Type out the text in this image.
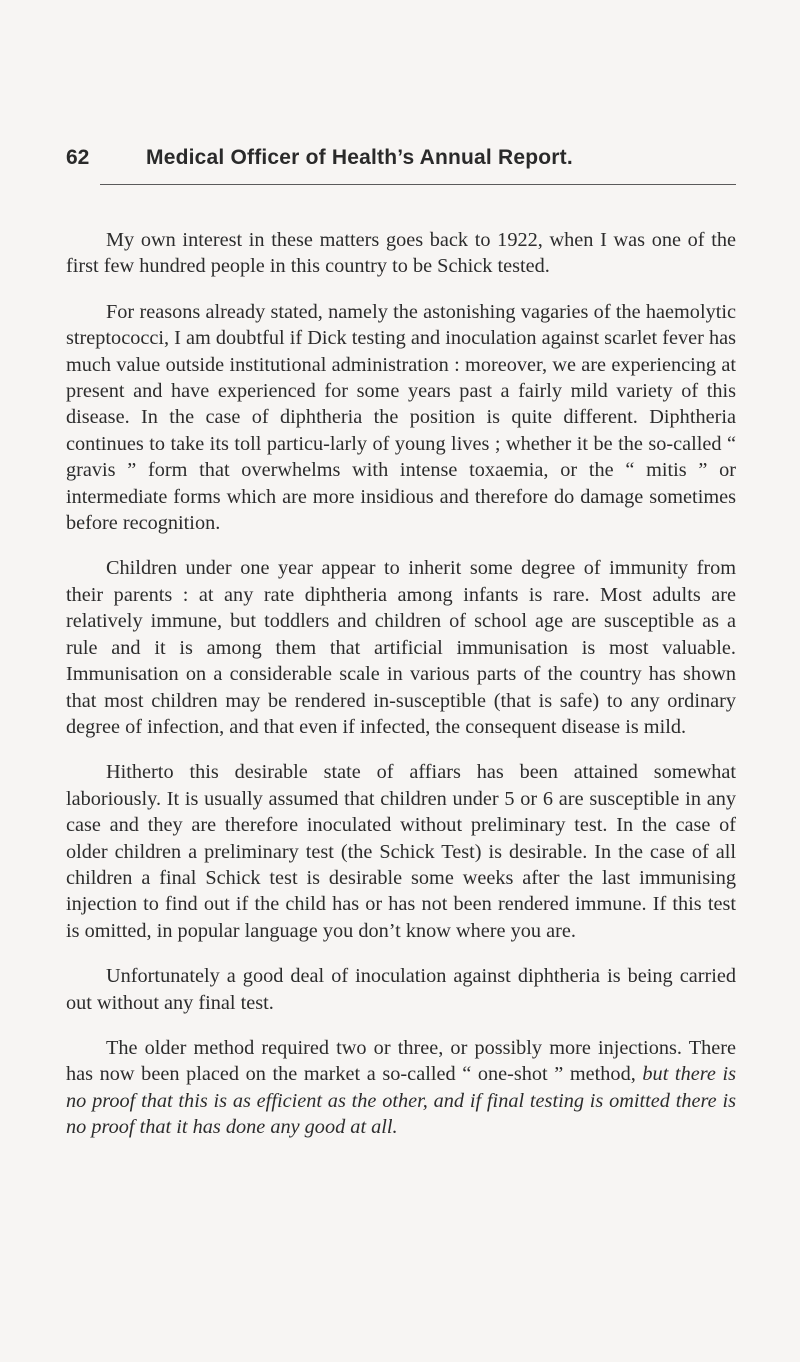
62	Medical Officer of Health’s Annual Report.

My own interest in these matters goes back to 1922, when I was one of the first few hundred people in this country to be Schick tested.

For reasons already stated, namely the astonishing vagaries of the haemolytic streptococci, I am doubtful if Dick testing and inoculation against scarlet fever has much value outside institutional administration : moreover, we are experiencing at present and have experienced for some years past a fairly mild variety of this disease. In the case of diphtheria the position is quite different. Diphtheria continues to take its toll particu-larly of young lives ; whether it be the so-called “ gravis ” form that overwhelms with intense toxaemia, or the “ mitis ” or intermediate forms which are more insidious and therefore do damage sometimes before recognition.

Children under one year appear to inherit some degree of immunity from their parents : at any rate diphtheria among infants is rare. Most adults are relatively immune, but toddlers and children of school age are susceptible as a rule and it is among them that artificial immunisation is most valuable. Immunisation on a considerable scale in various parts of the country has shown that most children may be rendered in-susceptible (that is safe) to any ordinary degree of infection, and that even if infected, the consequent disease is mild.

Hitherto this desirable state of affiars has been attained somewhat laboriously. It is usually assumed that children under 5 or 6 are susceptible in any case and they are therefore inoculated without preliminary test. In the case of older children a preliminary test (the Schick Test) is desirable. In the case of all children a final Schick test is desirable some weeks after the last immunising injection to find out if the child has or has not been rendered immune. If this test is omitted, in popular language you don’t know where you are.

Unfortunately a good deal of inoculation against diphtheria is being carried out without any final test.

The older method required two or three, or possibly more injections. There has now been placed on the market a so-called “ one-shot ” method, but there is no proof that this is as efficient as the other, and if final testing is omitted there is no proof that it has done any good at all.
